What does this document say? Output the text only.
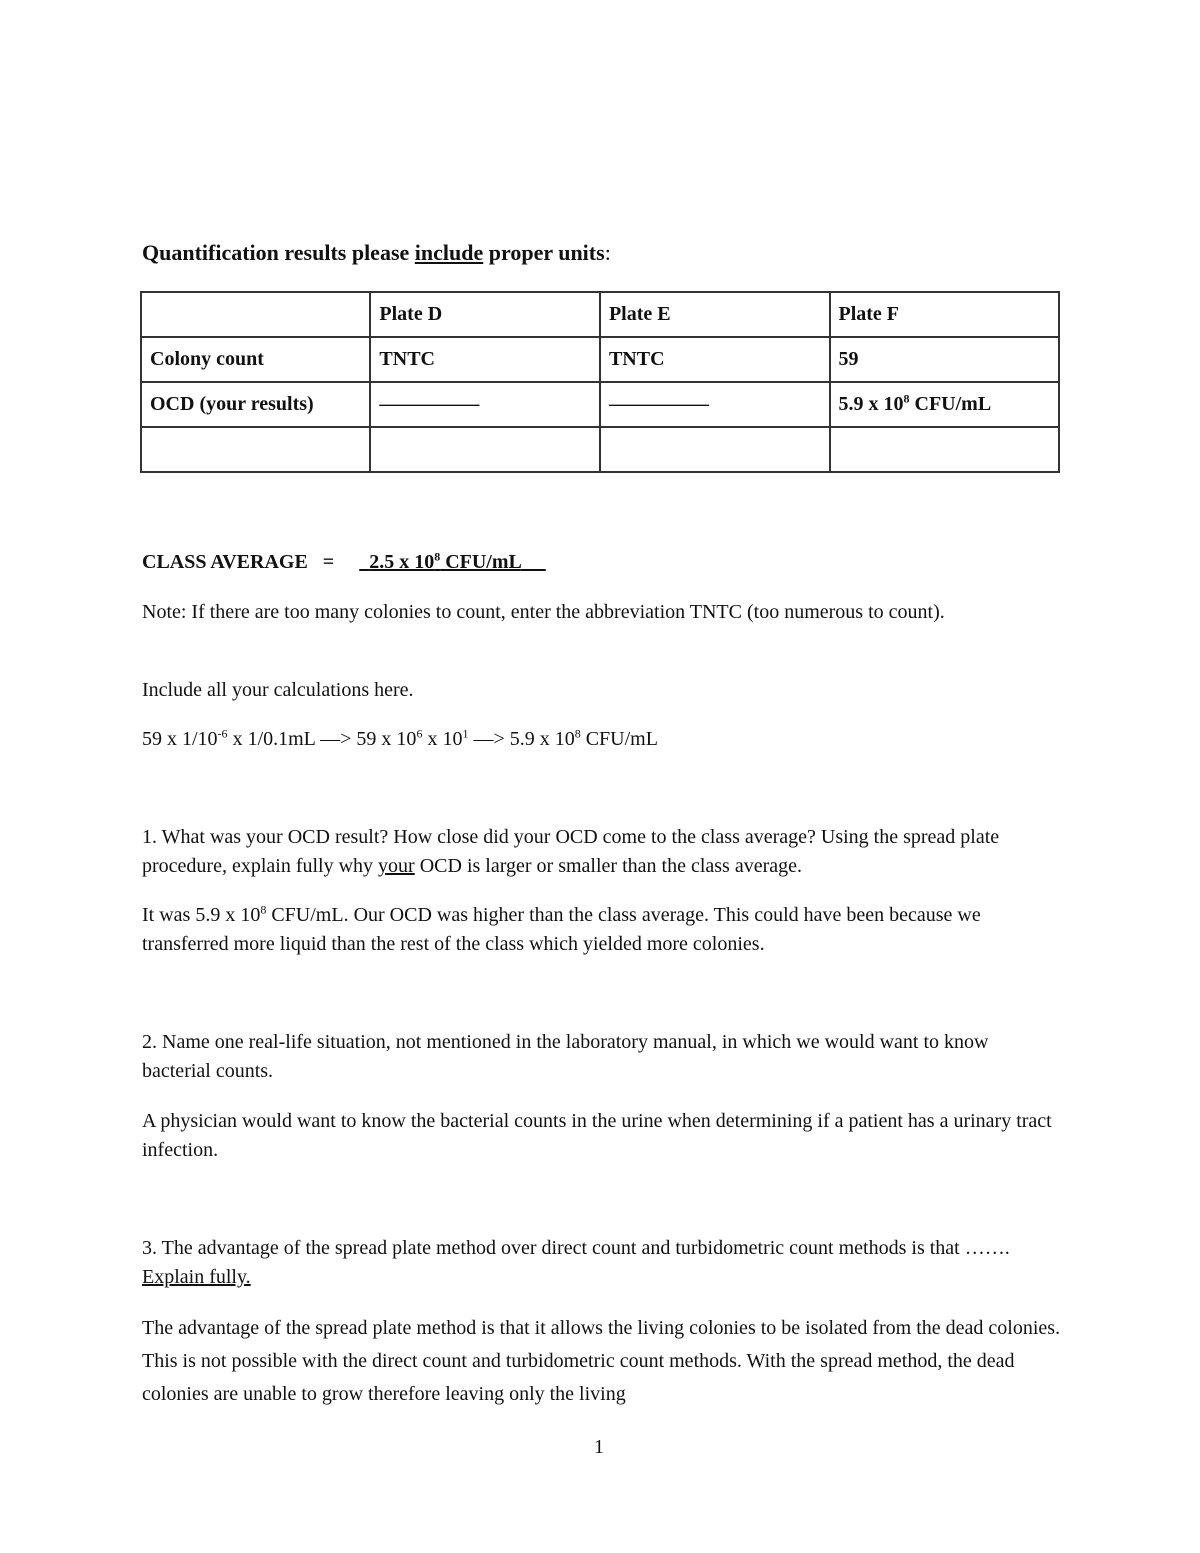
Quantification results please include proper units:
	Plate D	Plate E	Plate F
Colony count	TNTC	TNTC	59
OCD (your results)	—————	—————	5.9 x $10^8$ CFU/mL

CLASS AVERAGE   = 2.5 x $10^8$ CFU/mL
Note: If there are too many colonies to count, enter the abbreviation TNTC (too numerous to count).
Include all your calculations here.
59 x $1/10^{-6}$ x 1/0.1mL —> 59 x $10^6$ x $10^1$ —> 5.9 x $10^8$ CFU/mL
1. What was your OCD result? How close did your OCD come to the class average? Using the spread plate procedure, explain fully why your OCD is larger or smaller than the class average.
It was 5.9 x $10^8$ CFU/mL. Our OCD was higher than the class average. This could have been because we transferred more liquid than the rest of the class which yielded more colonies.
2. Name one real-life situation, not mentioned in the laboratory manual, in which we would want to know bacterial counts.
A physician would want to know the bacterial counts in the urine when determining if a patient has a urinary tract infection.
3. The advantage of the spread plate method over direct count and turbidometric count methods is that ……. Explain fully.
The advantage of the spread plate method is that it allows the living colonies to be isolated from the dead colonies. This is not possible with the direct count and turbidometric count methods. With the spread method, the dead colonies are unable to grow therefore leaving only the living
1
